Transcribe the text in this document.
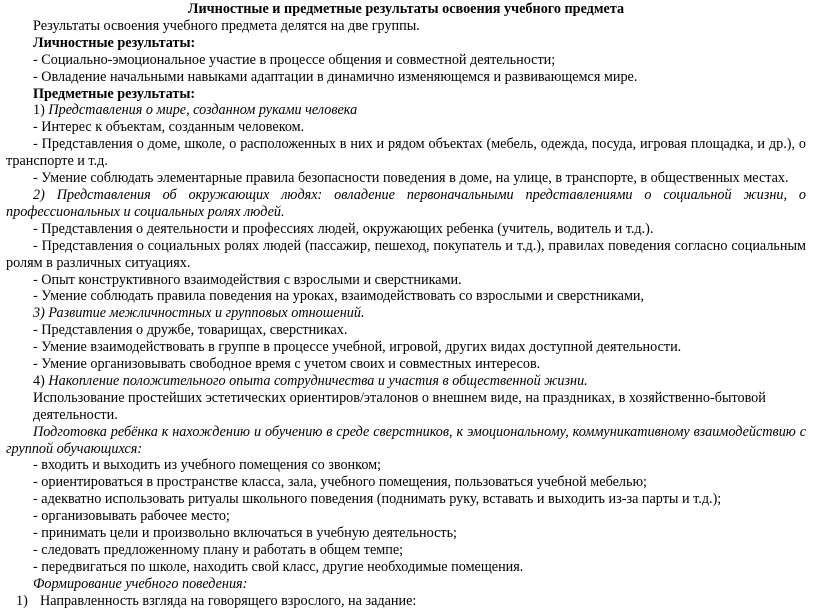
Личностные и предметные результаты освоения учебного предмета
Результаты освоения учебного предмета делятся на две группы.
Личностные результаты:
- Социально-эмоциональное участие в процессе общения и совместной деятельности;
- Овладение начальными навыками адаптации в динамично изменяющемся и развивающемся мире.
Предметные результаты:
1) Представления о мире, созданном руками человека
- Интерес к объектам, созданным человеком.
- Представления о доме, школе, о расположенных в них и рядом объектах (мебель, одежда, посуда, игровая площадка, и др.), о транспорте и т.д.
- Умение соблюдать элементарные правила безопасности поведения в доме, на улице, в транспорте, в общественных местах.
2) Представления об окружающих людях: овладение первоначальными представлениями о социальной жизни, о профессиональных и социальных ролях людей.
- Представления о деятельности и профессиях людей, окружающих ребенка (учитель, водитель и т.д.).
- Представления о социальных ролях людей (пассажир, пешеход, покупатель и т.д.), правилах поведения согласно социальным ролям в различных ситуациях.
- Опыт конструктивного взаимодействия с взрослыми и сверстниками.
- Умение соблюдать правила поведения на уроках, взаимодействовать со взрослыми и сверстниками,
3) Развитие межличностных и групповых отношений.
- Представления о дружбе, товарищах, сверстниках.
- Умение взаимодействовать в группе в процессе учебной, игровой, других видах доступной деятельности.
- Умение организовывать свободное время с учетом своих и совместных интересов.
4) Накопление положительного опыта сотрудничества и участия в общественной жизни.
Использование простейших эстетических ориентиров/эталонов о внешнем виде, на праздниках, в хозяйственно-бытовой деятельности.
Подготовка ребёнка к нахождению и обучению в среде сверстников, к эмоциональному, коммуникативному взаимодействию с группой обучающихся:
- входить и выходить из учебного помещения со звонком;
- ориентироваться в пространстве класса, зала, учебного помещения, пользоваться учебной мебелью;
- адекватно использовать ритуалы школьного поведения (поднимать руку, вставать и выходить из-за парты и т.д.);
- организовывать рабочее место;
- принимать цели и произвольно включаться в учебную деятельность;
- следовать предложенному плану и работать в общем темпе;
- передвигаться по школе, находить свой класс, другие необходимые помещения.
Формирование учебного поведения:
1) Направленность взгляда на говорящего взрослого, на задание:
